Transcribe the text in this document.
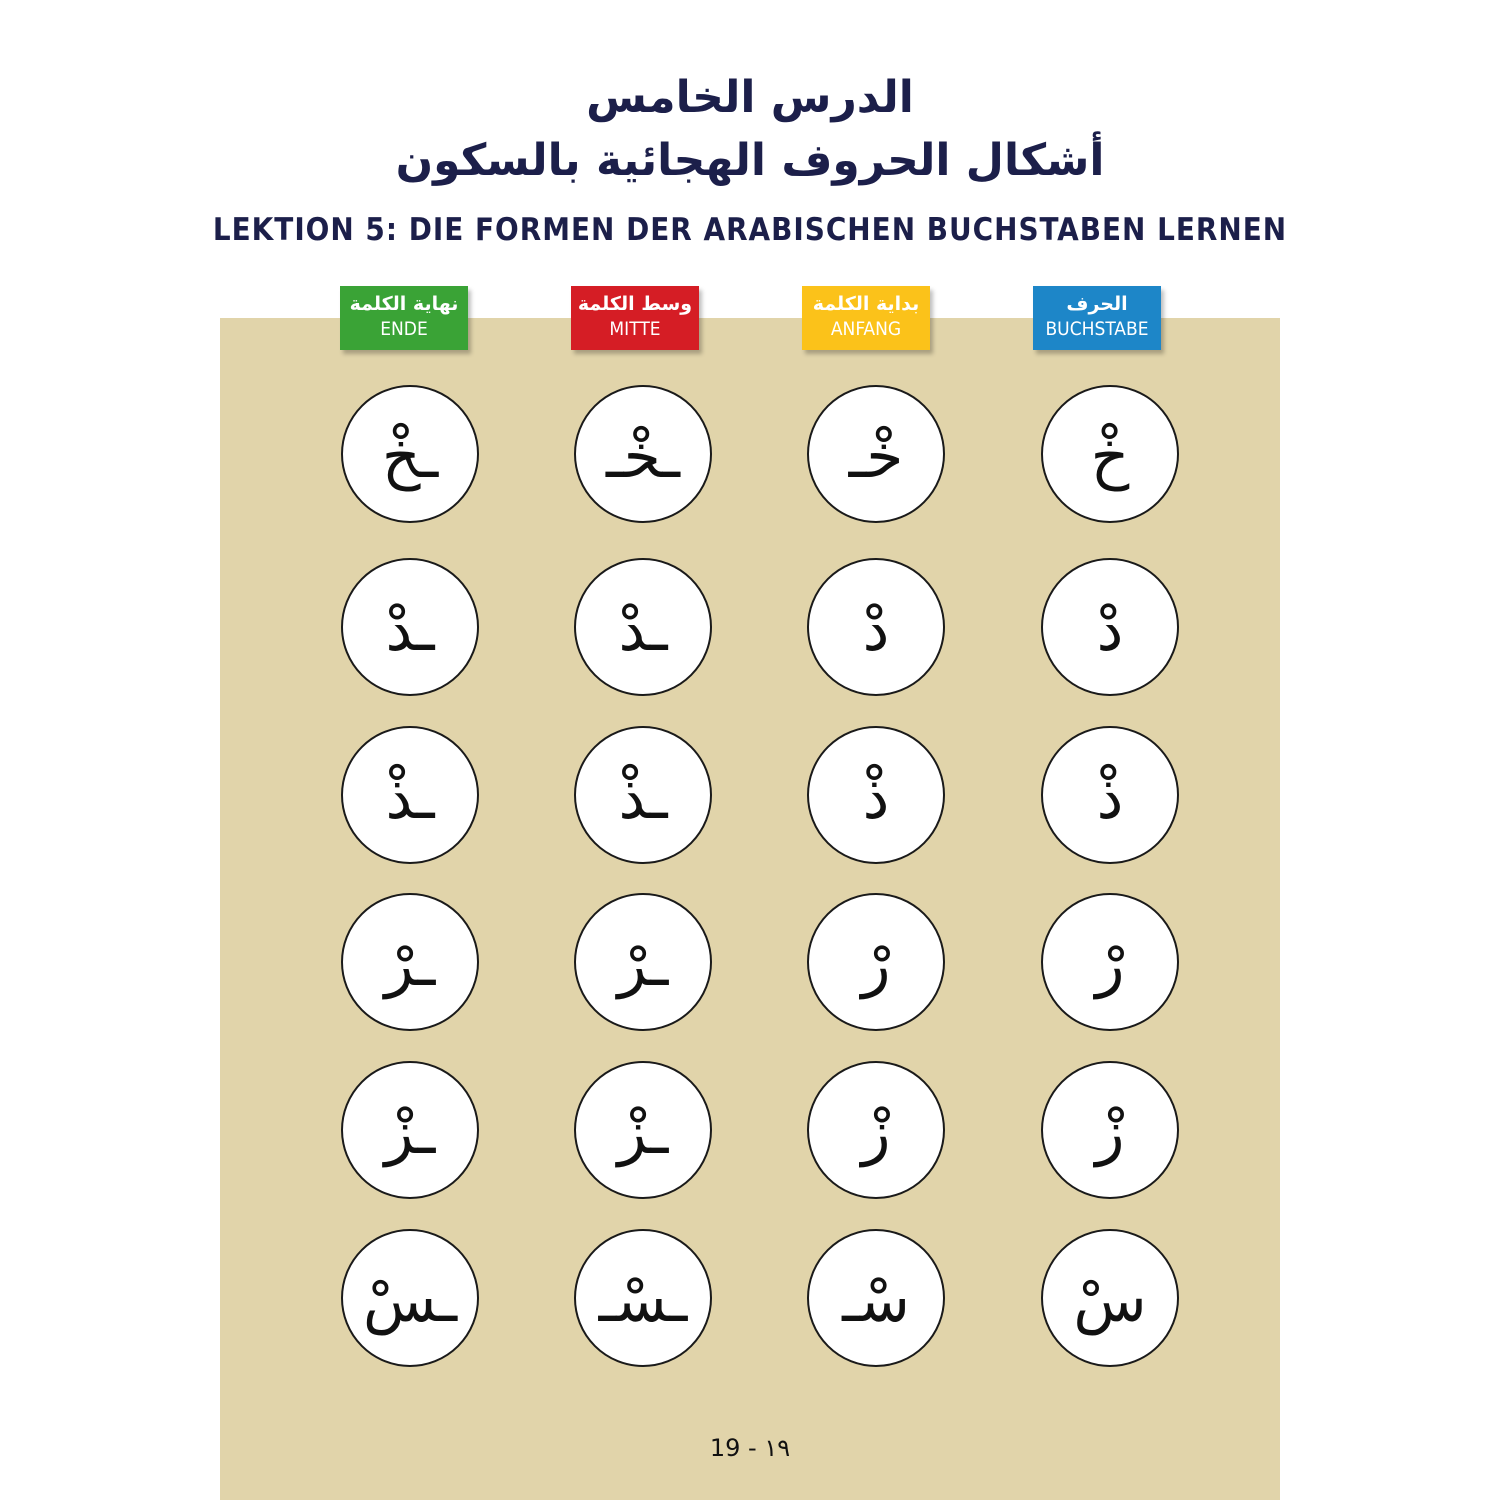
الدرس الخامس
أشكال الحروف الهجائية بالسكون
LEKTION 5: DIE FORMEN DER ARABISCHEN BUCHSTABEN LERNEN
نهاية الكلمة
ENDE
وسط الكلمة
MITTE
بداية الكلمة
ANFANG
الحرف
BUCHSTABE
ـخْ	ـخْـ	خْـ	خْ
ـدْ	ـدْ	دْ	دْ
ـذْ	ـذْ	ذْ	ذْ
ـرْ	ـرْ	رْ	رْ
ـزْ	ـزْ	زْ	زْ
ـسْ	ـسْـ	سْـ	سْ
19 - ١٩
